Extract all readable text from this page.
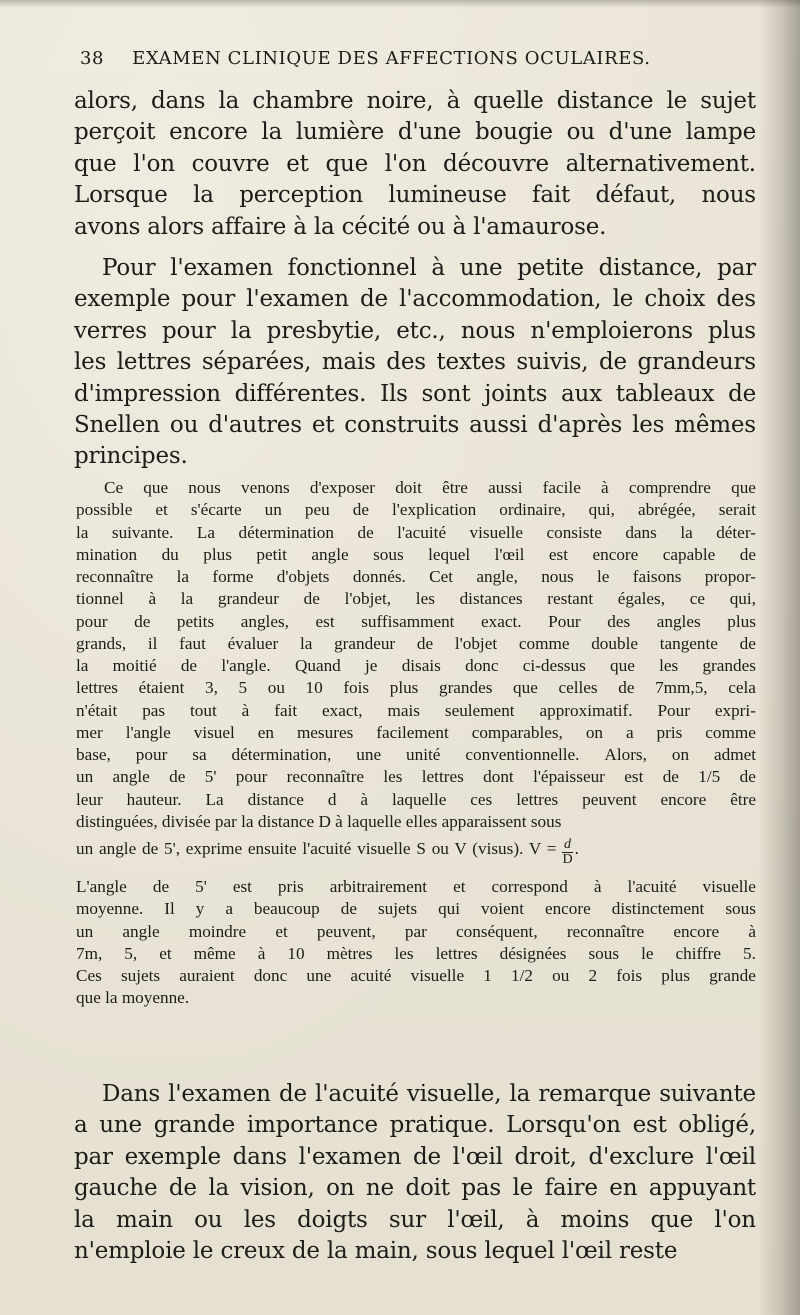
38 EXAMEN CLINIQUE DES AFFECTIONS OCULAIRES.
alors, dans la chambre noire, à quelle distance le sujet
perçoit encore la lumière d'une bougie ou d'une lampe
que l'on couvre et que l'on découvre alternativement.
Lorsque la perception lumineuse fait défaut, nous
avons alors affaire à la cécité ou à l'amaurose.
Pour l'examen fonctionnel à une petite distance, par
exemple pour l'examen de l'accommodation, le choix des
verres pour la presbytie, etc., nous n'emploierons plus
les lettres séparées, mais des textes suivis, de grandeurs
d'impression différentes. Ils sont joints aux tableaux de
Snellen ou d'autres et construits aussi d'après les mêmes
principes.
Ce que nous venons d'exposer doit être aussi facile à comprendre que
possible et s'écarte un peu de l'explication ordinaire, qui, abrégée, serait
la suivante. La détermination de l'acuité visuelle consiste dans la déter-
mination du plus petit angle sous lequel l'œil est encore capable de
reconnaître la forme d'objets donnés. Cet angle, nous le faisons propor-
tionnel à la grandeur de l'objet, les distances restant égales, ce qui,
pour de petits angles, est suffisamment exact. Pour des angles plus
grands, il faut évaluer la grandeur de l'objet comme double tangente de
la moitié de l'angle. Quand je disais donc ci-dessus que les grandes
lettres étaient 3, 5 ou 10 fois plus grandes que celles de 7mm,5, cela
n'était pas tout à fait exact, mais seulement approximatif. Pour expri-
mer l'angle visuel en mesures facilement comparables, on a pris comme
base, pour sa détermination, une unité conventionnelle. Alors, on admet
un angle de 5' pour reconnaître les lettres dont l'épaisseur est de 1/5 de
leur hauteur. La distance d à laquelle ces lettres peuvent encore être
distinguées, divisée par la distance D à laquelle elles apparaissent sous
un angle de 5', exprime ensuite l'acuité visuelle S ou V (visus). $V = \frac{d}{D}$ .
L'angle de 5' est pris arbitrairement et correspond à l'acuité visuelle
moyenne. Il y a beaucoup de sujets qui voient encore distinctement sous
un angle moindre et peuvent, par conséquent, reconnaître encore à
7m, 5, et même à 10 mètres les lettres désignées sous le chiffre 5.
Ces sujets auraient donc une acuité visuelle 1 1/2 ou 2 fois plus grande
que la moyenne.
Dans l'examen de l'acuité visuelle, la remarque suivante
a une grande importance pratique. Lorsqu'on est obligé,
par exemple dans l'examen de l'œil droit, d'exclure l'œil
gauche de la vision, on ne doit pas le faire en appuyant
la main ou les doigts sur l'œil, à moins que l'on
n'emploie le creux de la main, sous lequel l'œil reste
